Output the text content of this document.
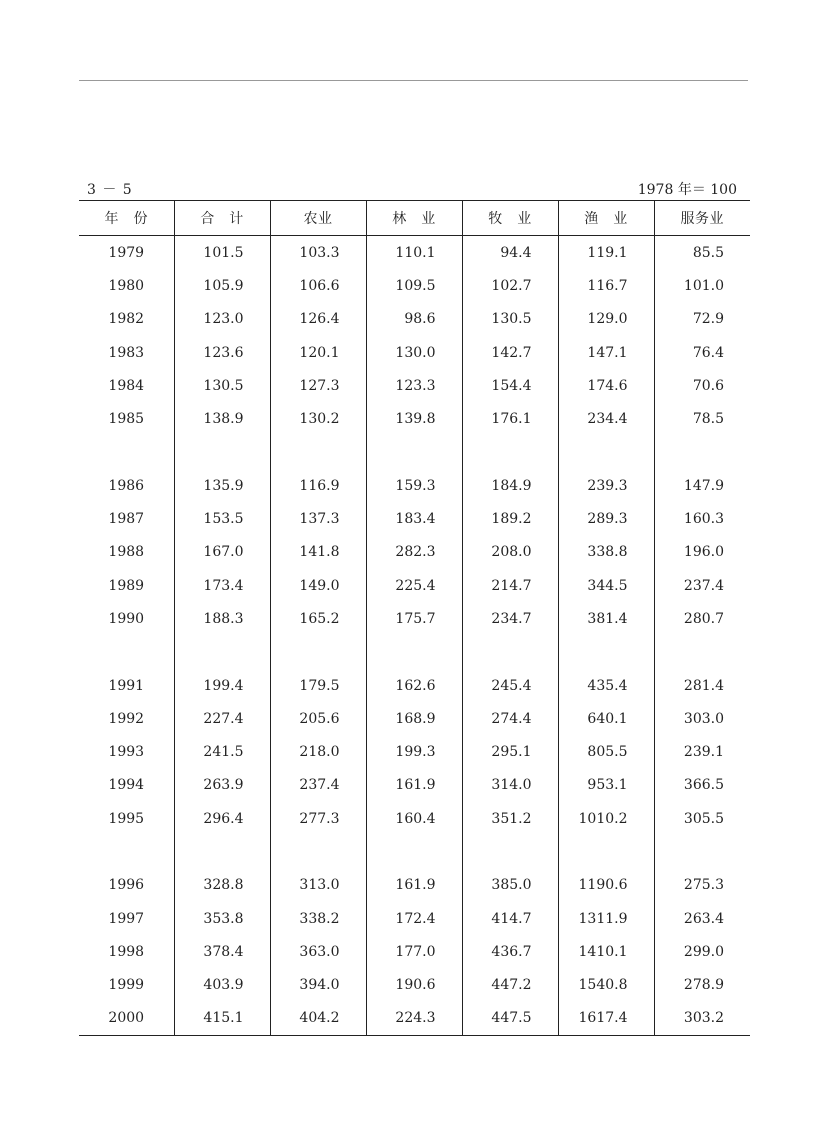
3 － 5	1978 年＝ 100
年　份	合　计	农业	林　业	牧　业	渔　业	服务业
1979	101.5	103.3	110.1	94.4	119.1	85.5
1980	105.9	106.6	109.5	102.7	116.7	101.0
1982	123.0	126.4	98.6	130.5	129.0	72.9
1983	123.6	120.1	130.0	142.7	147.1	76.4
1984	130.5	127.3	123.3	154.4	174.6	70.6
1985	138.9	130.2	139.8	176.1	234.4	78.5

1986	135.9	116.9	159.3	184.9	239.3	147.9
1987	153.5	137.3	183.4	189.2	289.3	160.3
1988	167.0	141.8	282.3	208.0	338.8	196.0
1989	173.4	149.0	225.4	214.7	344.5	237.4
1990	188.3	165.2	175.7	234.7	381.4	280.7

1991	199.4	179.5	162.6	245.4	435.4	281.4
1992	227.4	205.6	168.9	274.4	640.1	303.0
1993	241.5	218.0	199.3	295.1	805.5	239.1
1994	263.9	237.4	161.9	314.0	953.1	366.5
1995	296.4	277.3	160.4	351.2	1010.2	305.5

1996	328.8	313.0	161.9	385.0	1190.6	275.3
1997	353.8	338.2	172.4	414.7	1311.9	263.4
1998	378.4	363.0	177.0	436.7	1410.1	299.0
1999	403.9	394.0	190.6	447.2	1540.8	278.9
2000	415.1	404.2	224.3	447.5	1617.4	303.2
